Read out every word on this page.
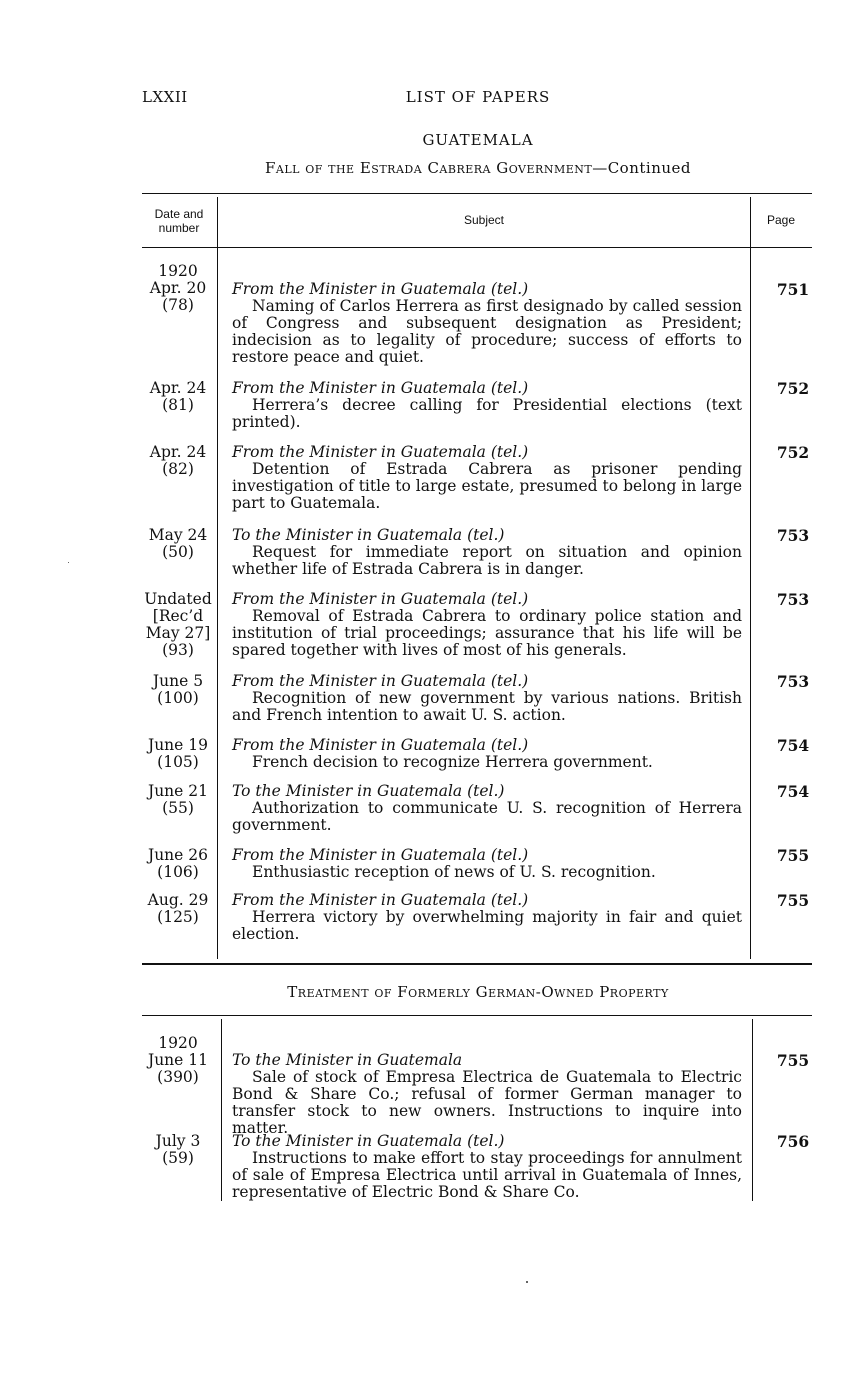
LXXII	LIST OF PAPERS
GUATEMALA
Fall of the Estrada Cabrera Government—Continued
Date and number
Subject	Page
1920
Apr. 20
(78)
From the Minister in Guatemala (tel.)
Naming of Carlos Herrera as first designado by called session of Congress and subsequent designation as President; indecision as to legality of procedure; success of efforts to restore peace and quiet.
751
Apr. 24
(81)
From the Minister in Guatemala (tel.)
Herrera’s decree calling for Presidential elections (text printed).
752
Apr. 24
(82)
From the Minister in Guatemala (tel.)
Detention of Estrada Cabrera as prisoner pending investigation of title to large estate, presumed to belong in large part to Guatemala.
752
May 24
(50)
To the Minister in Guatemala (tel.)
Request for immediate report on situation and opinion whether life of Estrada Cabrera is in danger.
753
Undated
[Rec’d
May 27]
(93)
From the Minister in Guatemala (tel.)
Removal of Estrada Cabrera to ordinary police station and institution of trial proceedings; assurance that his life will be spared together with lives of most of his generals.
753
June 5
(100)
From the Minister in Guatemala (tel.)
Recognition of new government by various nations. British and French intention to await U. S. action.
753
June 19
(105)
From the Minister in Guatemala (tel.)
French decision to recognize Herrera government.
754
June 21
(55)
To the Minister in Guatemala (tel.)
Authorization to communicate U. S. recognition of Herrera government.
754
June 26
(106)
From the Minister in Guatemala (tel.)
Enthusiastic reception of news of U. S. recognition.
755
Aug. 29
(125)
From the Minister in Guatemala (tel.)
Herrera victory by overwhelming majority in fair and quiet election.
755
Treatment of Formerly German-Owned Property
1920
June 11
(390)
To the Minister in Guatemala
Sale of stock of Empresa Electrica de Guatemala to Electric Bond & Share Co.; refusal of former German manager to transfer stock to new owners. Instructions to inquire into matter.
755
July 3
(59)
To the Minister in Guatemala (tel.)
Instructions to make effort to stay proceedings for annulment of sale of Empresa Electrica until arrival in Guatemala of Innes, representative of Electric Bond & Share Co.
756
